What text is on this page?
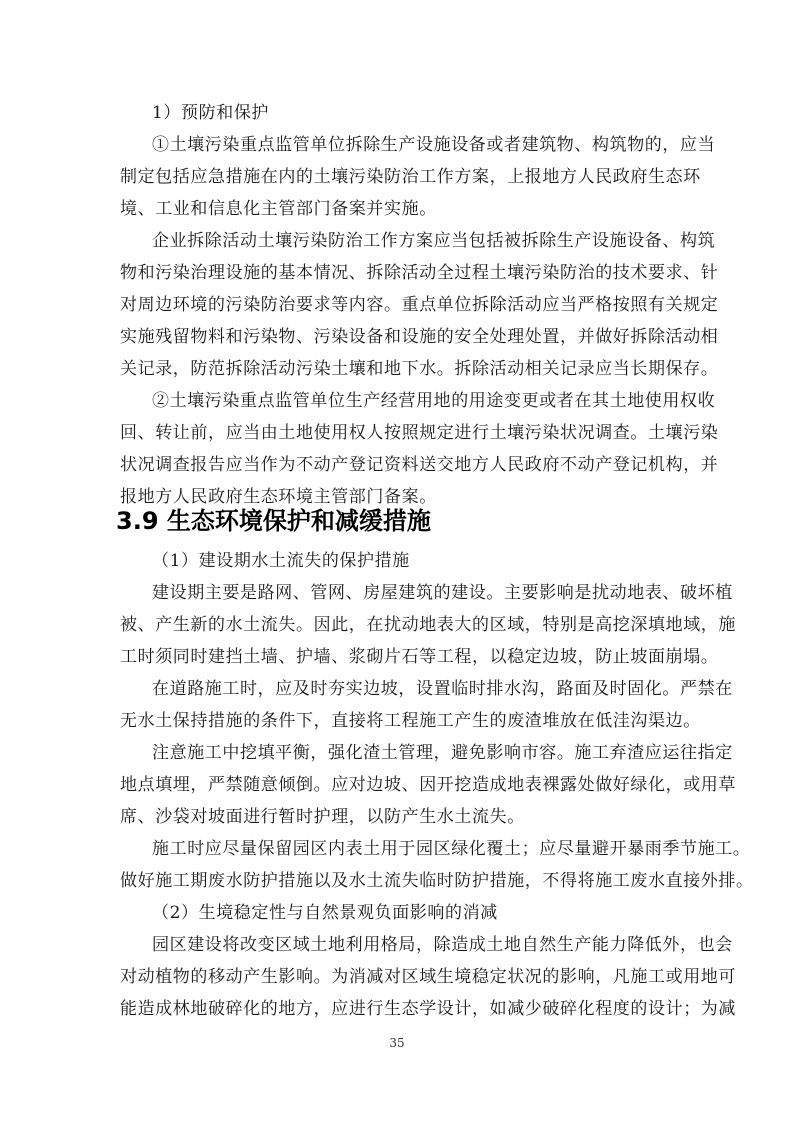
1）预防和保护
①土壤污染重点监管单位拆除生产设施设备或者建筑物、构筑物的，应当
制定包括应急措施在内的土壤污染防治工作方案，上报地方人民政府生态环
境、工业和信息化主管部门备案并实施。
企业拆除活动土壤污染防治工作方案应当包括被拆除生产设施设备、构筑
物和污染治理设施的基本情况、拆除活动全过程土壤污染防治的技术要求、针
对周边环境的污染防治要求等内容。重点单位拆除活动应当严格按照有关规定
实施残留物料和污染物、污染设备和设施的安全处理处置，并做好拆除活动相
关记录，防范拆除活动污染土壤和地下水。拆除活动相关记录应当长期保存。
②土壤污染重点监管单位生产经营用地的用途变更或者在其土地使用权收
回、转让前，应当由土地使用权人按照规定进行土壤污染状况调查。土壤污染
状况调查报告应当作为不动产登记资料送交地方人民政府不动产登记机构，并
报地方人民政府生态环境主管部门备案。
3.9 生态环境保护和减缓措施
（1）建设期水土流失的保护措施
建设期主要是路网、管网、房屋建筑的建设。主要影响是扰动地表、破坏植
被、产生新的水土流失。因此，在扰动地表大的区域，特别是高挖深填地域，施
工时须同时建挡土墙、护墙、浆砌片石等工程，以稳定边坡，防止坡面崩塌。
在道路施工时，应及时夯实边坡，设置临时排水沟，路面及时固化。严禁在
无水土保持措施的条件下，直接将工程施工产生的废渣堆放在低洼沟渠边。
注意施工中挖填平衡，强化渣土管理，避免影响市容。施工弃渣应运往指定
地点填埋，严禁随意倾倒。应对边坡、因开挖造成地表裸露处做好绿化，或用草
席、沙袋对坡面进行暂时护理，以防产生水土流失。
施工时应尽量保留园区内表土用于园区绿化覆土；应尽量避开暴雨季节施工。
做好施工期废水防护措施以及水土流失临时防护措施，不得将施工废水直接外排。
（2）生境稳定性与自然景观负面影响的消减
园区建设将改变区域土地利用格局，除造成土地自然生产能力降低外，也会
对动植物的移动产生影响。为消减对区域生境稳定状况的影响，凡施工或用地可
能造成林地破碎化的地方，应进行生态学设计，如减少破碎化程度的设计；为减
35
